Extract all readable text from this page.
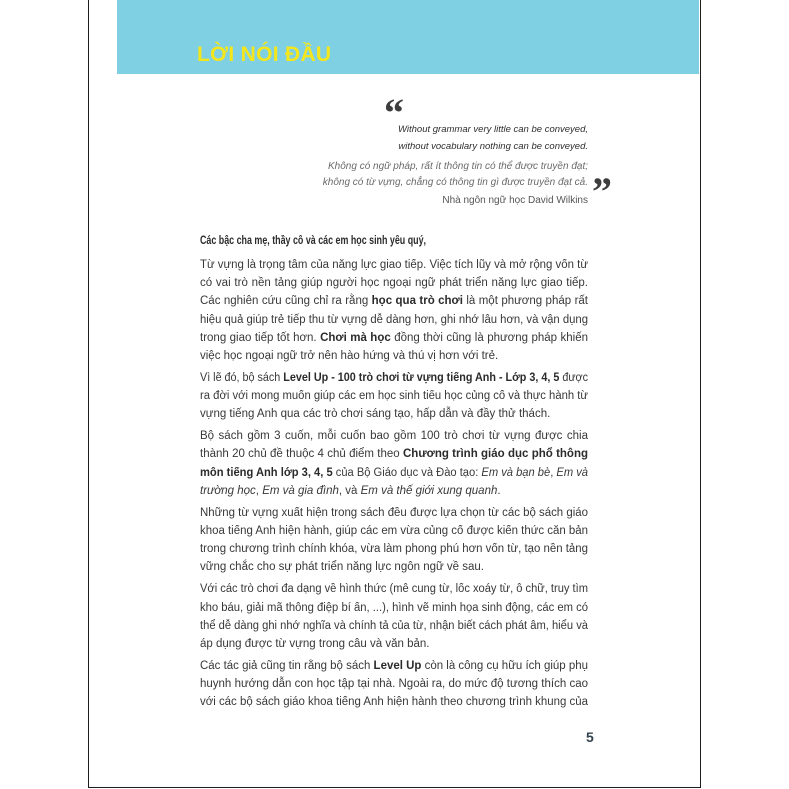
LỜI NÓI ĐẦU
“
Without grammar very little can be conveyed,
without vocabulary nothing can be conveyed.
Không có ngữ pháp, rất ít thông tin có thể được truyền đạt;
không có từ vựng, chẳng có thông tin gì được truyền đạt cả. ”
Nhà ngôn ngữ học David Wilkins
Các bậc cha mẹ, thầy cô và các em học sinh yêu quý,
Từ vựng là trọng tâm của năng lực giao tiếp. Việc tích lũy và mở rộng vốn từ
có vai trò nền tảng giúp người học ngoại ngữ phát triển năng lực giao tiếp.
Các nghiên cứu cũng chỉ ra rằng học qua trò chơi là một phương pháp rất
hiệu quả giúp trẻ tiếp thu từ vựng dễ dàng hơn, ghi nhớ lâu hơn, và vận dụng
trong giao tiếp tốt hơn. Chơi mà học đồng thời cũng là phương pháp khiến
việc học ngoại ngữ trở nên hào hứng và thú vị hơn với trẻ.
Vì lẽ đó, bộ sách Level Up - 100 trò chơi từ vựng tiếng Anh - Lớp 3, 4, 5 được
ra đời với mong muốn giúp các em học sinh tiểu học củng cố và thực hành từ
vựng tiếng Anh qua các trò chơi sáng tạo, hấp dẫn và đầy thử thách.
Bộ sách gồm 3 cuốn, mỗi cuốn bao gồm 100 trò chơi từ vựng được chia
thành 20 chủ đề thuộc 4 chủ điểm theo Chương trình giáo dục phổ thông
môn tiếng Anh lớp 3, 4, 5 của Bộ Giáo dục và Đào tạo: Em và bạn bè, Em và
trường học, Em và gia đình, và Em và thế giới xung quanh.
Những từ vựng xuất hiện trong sách đều được lựa chọn từ các bộ sách giáo
khoa tiếng Anh hiện hành, giúp các em vừa củng cố được kiến thức căn bản
trong chương trình chính khóa, vừa làm phong phú hơn vốn từ, tạo nền tảng
vững chắc cho sự phát triển năng lực ngôn ngữ về sau.
Với các trò chơi đa dạng về hình thức (mê cung từ, lốc xoáy từ, ô chữ, truy tìm
kho báu, giải mã thông điệp bí ẩn, ...), hình vẽ minh họa sinh động, các em có
thể dễ dàng ghi nhớ nghĩa và chính tả của từ, nhận biết cách phát âm, hiểu và
áp dụng được từ vựng trong câu và văn bản.
Các tác giả cũng tin rằng bộ sách Level Up còn là công cụ hữu ích giúp phụ
huynh hướng dẫn con học tập tại nhà. Ngoài ra, do mức độ tương thích cao
với các bộ sách giáo khoa tiếng Anh hiện hành theo chương trình khung của
5
